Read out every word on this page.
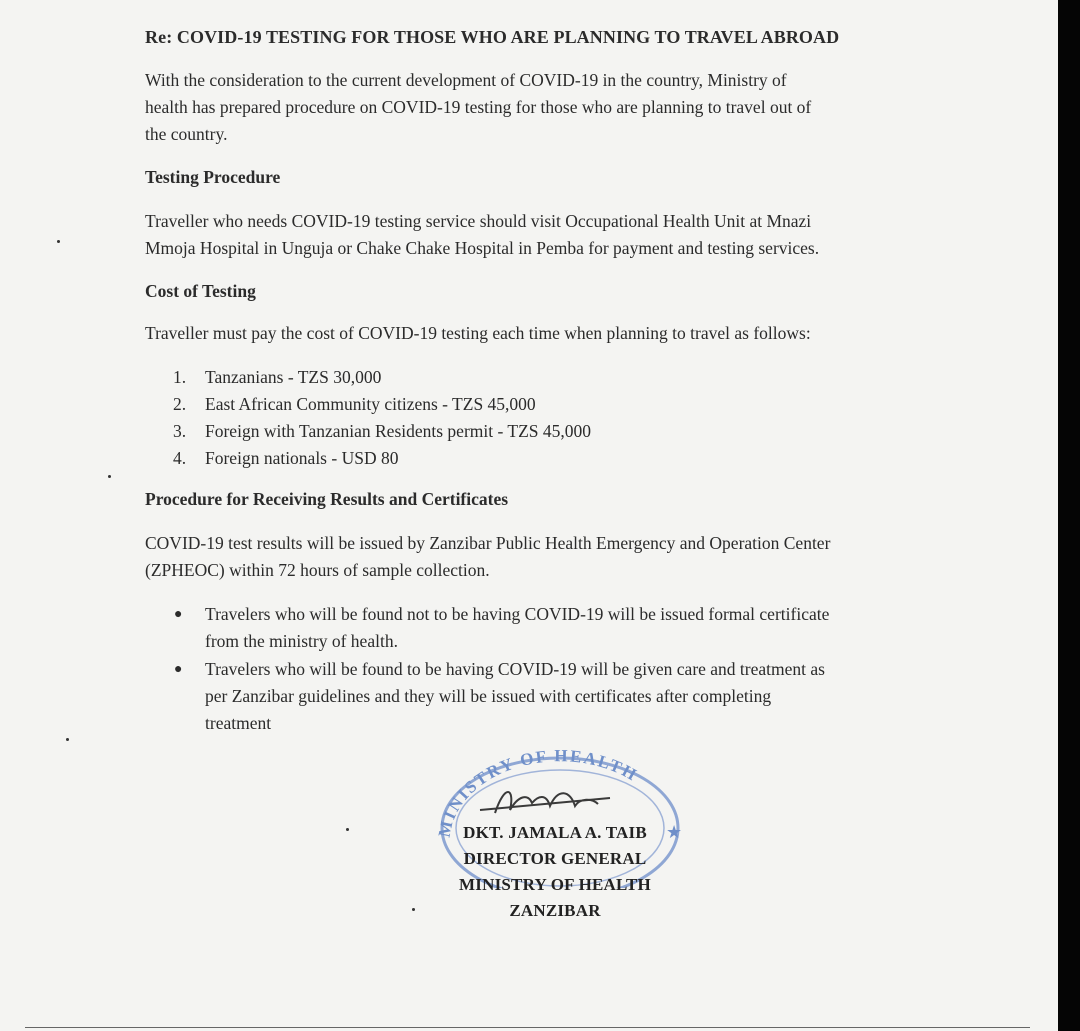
Re: COVID-19 TESTING FOR THOSE WHO ARE PLANNING TO TRAVEL ABROAD
With the consideration to the current development of COVID-19 in the country, Ministry of
health has prepared procedure on COVID-19 testing for those who are planning to travel out of
the country.
Testing Procedure
Traveller who needs COVID-19 testing service should visit Occupational Health Unit at Mnazi
Mmoja Hospital in Unguja or Chake Chake Hospital in Pemba for payment and testing services.
Cost of Testing
Traveller must pay the cost of COVID-19 testing each time when planning to travel as follows:
1. Tanzanians - TZS 30,000
2. East African Community citizens - TZS 45,000
3. Foreign with Tanzanian Residents permit - TZS 45,000
4. Foreign nationals - USD 80
Procedure for Receiving Results and Certificates
COVID-19 test results will be issued by Zanzibar Public Health Emergency and Operation Center
(ZPHEOC) within 72 hours of sample collection.
● Travelers who will be found not to be having COVID-19 will be issued formal certificate
from the ministry of health.
● Travelers who will be found to be having COVID-19 will be given care and treatment as
per Zanzibar guidelines and they will be issued with certificates after completing
treatment
MINISTRY OF HEALTH
★
DKT. JAMALA A. TAIB
DIRECTOR GENERAL
MINISTRY OF HEALTH
ZANZIBAR
